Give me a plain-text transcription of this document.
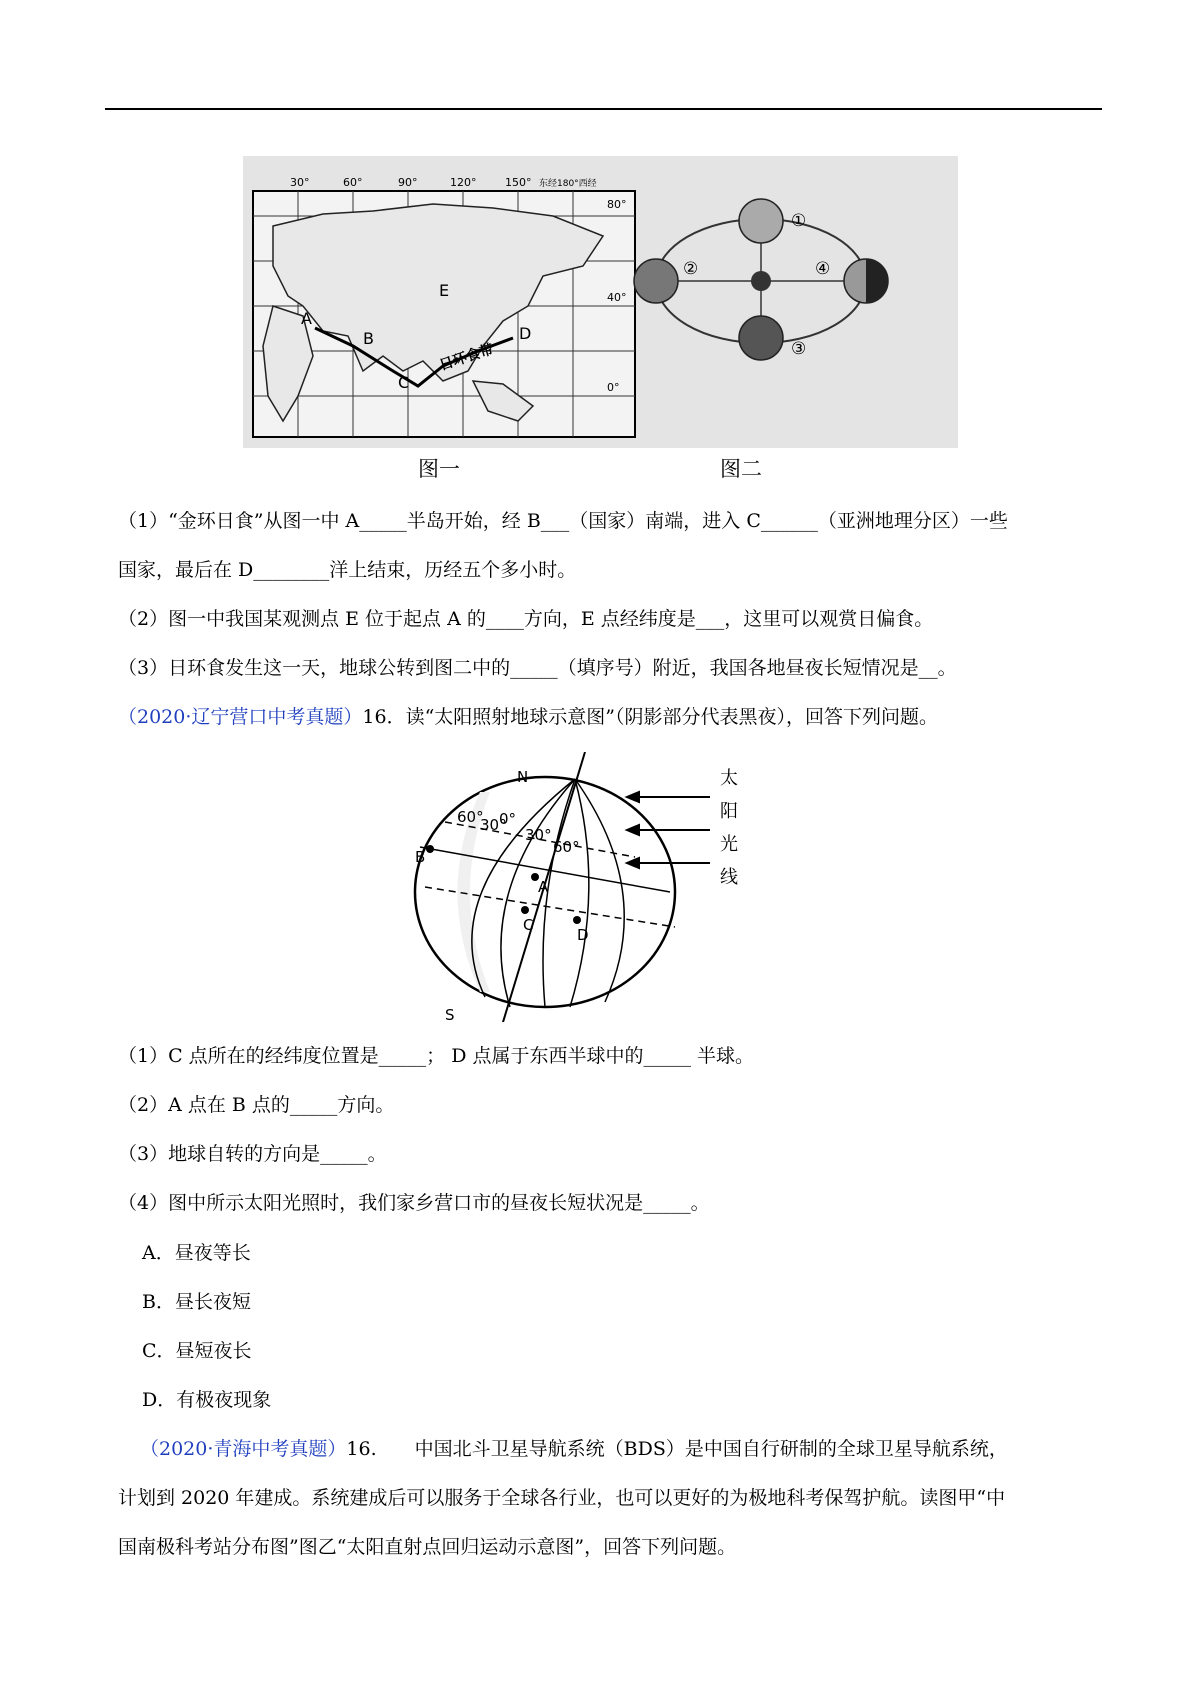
30°	60°	90°	120°	150° 东经180°西经
80°
40°
0°
A
B
C
D
E
日环食带
①
②
③
④
图一	图二
（1）“金环日食”从图一中 A_____半岛开始，经 B___（国家）南端，进入 C______（亚洲地理分区）一些
国家，最后在 D________洋上结束，历经五个多小时。
（2）图一中我国某观测点 E 位于起点 A 的____方向，E 点经纬度是___，这里可以观赏日偏食。
（3）日环食发生这一天，地球公转到图二中的_____（填序号）附近，我国各地昼夜长短情况是__。
（2020·辽宁营口中考真题）16．读“太阳照射地球示意图”（阴影部分代表黑夜），回答下列问题。
N
S
60°
30°
0°
30°
60°
A
B
C
D
太
阳
光
线
（1）C 点所在的经纬度位置是_____； D 点属于东西半球中的_____ 半球。
（2）A 点在 B 点的_____方向。
（3）地球自转的方向是_____。
（4）图中所示太阳光照时，我们家乡营口市的昼夜长短状况是_____。
A．昼夜等长
B．昼长夜短
C．昼短夜长
D．有极夜现象
（2020·青海中考真题）16.　　中国北斗卫星导航系统（BDS）是中国自行研制的全球卫星导航系统，
计划到 2020 年建成。系统建成后可以服务于全球各行业，也可以更好的为极地科考保驾护航。读图甲“中
国南极科考站分布图”图乙“太阳直射点回归运动示意图”，回答下列问题。
